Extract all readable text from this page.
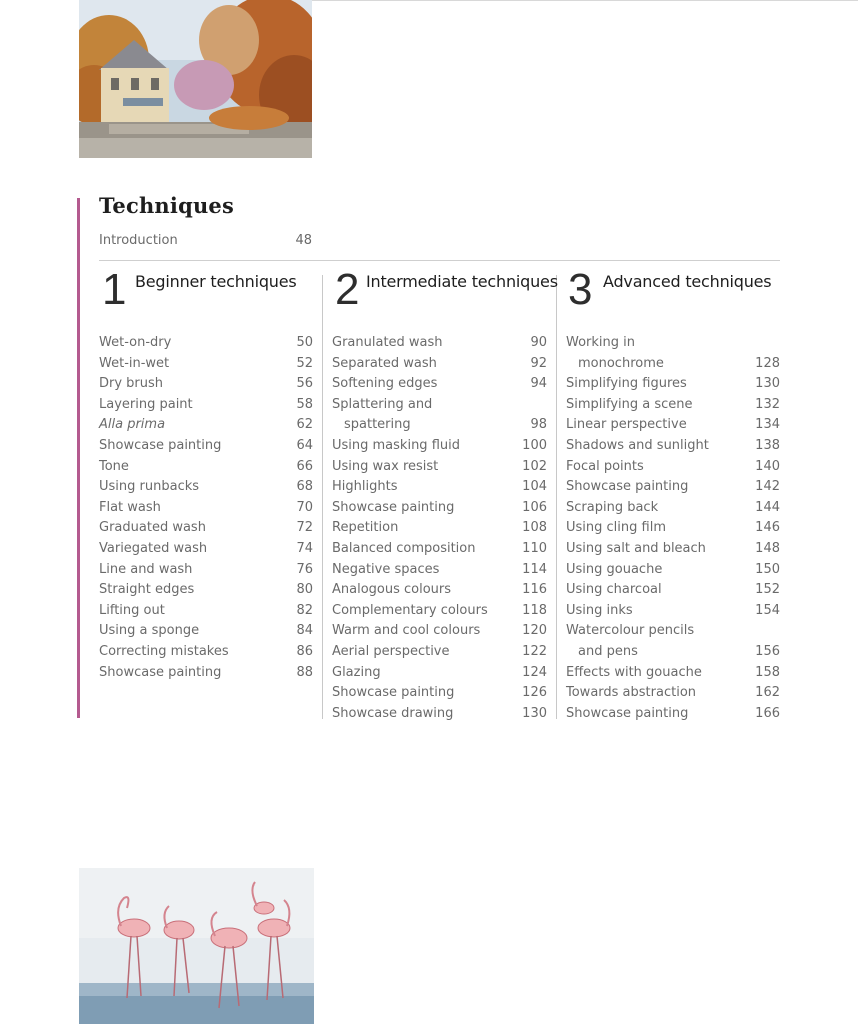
Techniques
Introduction	48
1 Beginner techniques
Wet-on-dry	50
Wet-in-wet	52
Dry brush	56
Layering paint	58
Alla prima	62
Showcase painting	64
Tone	66
Using runbacks	68
Flat wash	70
Graduated wash	72
Variegated wash	74
Line and wash	76
Straight edges	80
Lifting out	82
Using a sponge	84
Correcting mistakes	86
Showcase painting	88
2 Intermediate techniques
Granulated wash	90
Separated wash	92
Softening edges	94
Splattering and
spattering	98
Using masking fluid	100
Using wax resist	102
Highlights	104
Showcase painting	106
Repetition	108
Balanced composition	110
Negative spaces	114
Analogous colours	116
Complementary colours	118
Warm and cool colours	120
Aerial perspective	122
Glazing	124
Showcase painting	126
Showcase drawing	130
3 Advanced techniques
Working in
monochrome	128
Simplifying figures	130
Simplifying a scene	132
Linear perspective	134
Shadows and sunlight	138
Focal points	140
Showcase painting	142
Scraping back	144
Using cling film	146
Using salt and bleach	148
Using gouache	150
Using charcoal	152
Using inks	154
Watercolour pencils
and pens	156
Effects with gouache	158
Towards abstraction	162
Showcase painting	166
